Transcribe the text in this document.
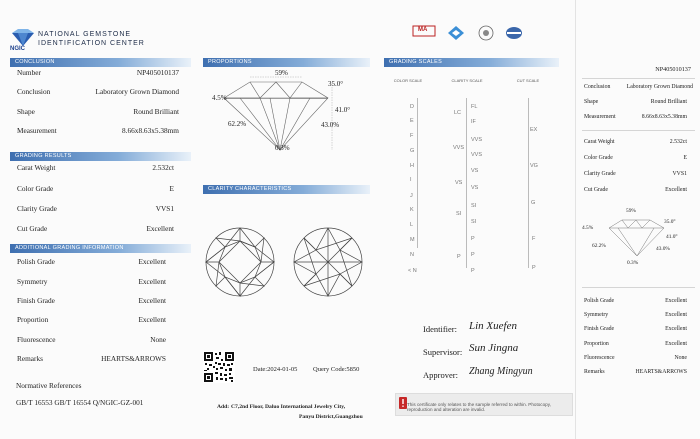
NGIC
NATIONAL GEMSTONE
IDENTIFICATION CENTER
CONCLUSION
Number	NP405010137
Conclusion	Laboratory Grown Diamond
Shape	Round Brilliant
Measurement	8.66x8.63x5.38mm
GRADING RESULTS
Carat Weight	2.532ct
Color Grade	E
Clarity Grade	VVS1
Cut Grade	Excellent
ADDITIONAL GRADING INFORMATION
Polish Grade	Excellent
Symmetry	Excellent
Finish Grade	Excellent
Proportion	Excellent
Fluorescence	None
Remarks	HEARTS&ARROWS
Normative References
GB/T 16553 GB/T 16554 Q/NGIC-GZ-001
PROPORTIONS
59%
35.0°
4.5%
41.0°
62.2%	43.0%
0.3%
CLARITY CHARACTERISTICS
Date:2024-01-05 Query Code:5850
Add: C7,2nd Floor, Daluo International Jewelry City,
Panyu District,Guangzhou
MA
GRADING SCALES
COLOR SCALE	CLARITY SCALE	CUT SCALE
D
E
F
G
H
I
J
K
L
M
N
< N
LC
VVS
VS
SI
P
FL
IF
VVS
VVS
VS
VS
SI
SI
P
P
P
EX
VG
G
F
P
Identifier: Lin Xuefen
Supervisor: Sun Jingna
Approver: Zhang Mingyun
This certificate only relates to the sample referred to within. Photocopy, reproduction and alteration are invalid.
NP405010137
Conclusion	Laboratory Grown Diamond
Shape	Round Brilliant
Measurement	8.66x8.63x5.38mm
Carat Weight	2.532ct
Color Grade	E
Clarity Grade	VVS1
Cut Grade	Excellent
59%
35.0°
4.5%
41.0°
62.2%	43.0%
0.3%
Polish Grade	Excellent
Symmetry	Excellent
Finish Grade	Excellent
Proportion	Excellent
Fluorescence	None
Remarks	HEARTS&ARROWS
